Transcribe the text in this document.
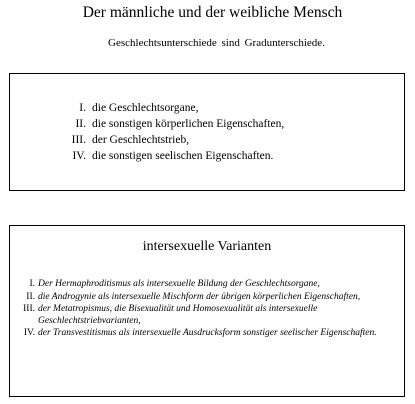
Der männliche und der weibliche Mensch
Geschlechtsunterschiede sind Gradunterschiede.
I. die Geschlechtsorgane,
II. die sonstigen körperlichen Eigenschaften,
III. der Geschlechtstrieb,
IV. die sonstigen seelischen Eigenschaften.
intersexuelle Varianten
I. Der Hermaphroditismus als intersexuelle Bildung der Geschlechtsorgane,
II. die Androgynie als intersexuelle Mischform der übrigen körperlichen Eigenschaften,
III. der Metatropismus, die Bisexualität und Homosexualität als intersexuelle Geschlechtstriebvarianten,
IV. der Transvestitismus als intersexuelle Ausdrucksform sonstiger seelischer Eigenschaften.
